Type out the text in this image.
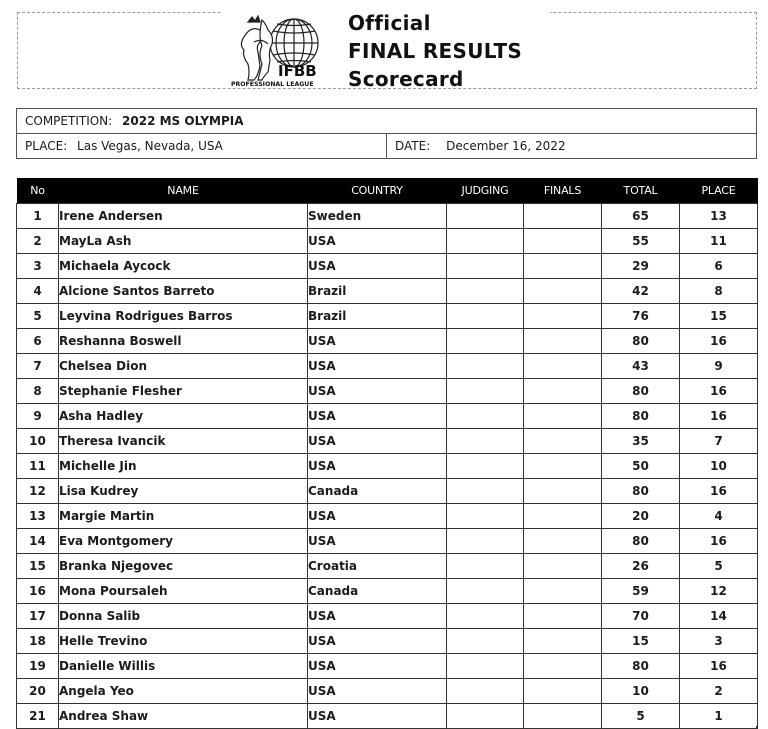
IFBB
PROFESSIONAL LEAGUE
Official
FINAL RESULTS
Scorecard
COMPETITION: 2022 MS OLYMPIA
PLACE: Las Vegas, Nevada, USA	DATE: December 16, 2022
No	NAME	COUNTRY	JUDGING	FINALS	TOTAL	PLACE
1	Irene Andersen	Sweden			65	13
2	MayLa Ash	USA			55	11
3	Michaela Aycock	USA			29	6
4	Alcione Santos Barreto	Brazil			42	8
5	Leyvina Rodrigues Barros	Brazil			76	15
6	Reshanna Boswell	USA			80	16
7	Chelsea Dion	USA			43	9
8	Stephanie Flesher	USA			80	16
9	Asha Hadley	USA			80	16
10	Theresa Ivancik	USA			35	7
11	Michelle Jin	USA			50	10
12	Lisa Kudrey	Canada			80	16
13	Margie Martin	USA			20	4
14	Eva Montgomery	USA			80	16
15	Branka Njegovec	Croatia			26	5
16	Mona Poursaleh	Canada			59	12
17	Donna Salib	USA			70	14
18	Helle Trevino	USA			15	3
19	Danielle Willis	USA			80	16
20	Angela Yeo	USA			10	2
21	Andrea Shaw	USA			5	1
